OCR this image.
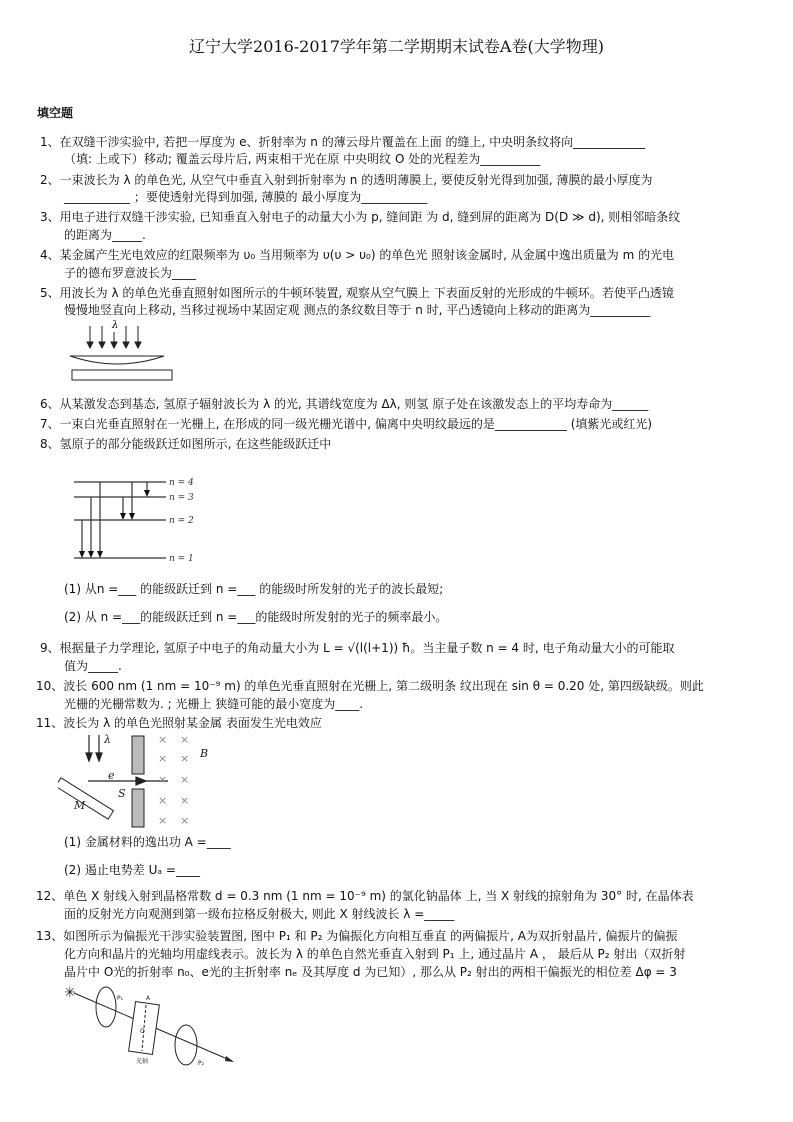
辽宁大学2016-2017学年第二学期期末试卷A卷(大学物理)
填空题
1、在双缝干涉实验中, 若把一厚度为 e、折射率为 n 的薄云母片覆盖在上面 的缝上, 中央明条纹将向____________
（填: 上或下）移动; 覆盖云母片后, 两束相干光在原 中央明纹 O 处的光程差为__________
2、一束波长为 λ 的单色光, 从空气中垂直入射到折射率为 n 的透明薄膜上, 要使反射光得到加强, 薄膜的最小厚度为
___________ ；要使透射光得到加强, 薄膜的 最小厚度为___________
3、用电子进行双缝干涉实验, 已知垂直入射电子的动量大小为 p, 缝间距 为 d, 缝到屏的距离为 D(D ≫ d), 则相邻暗条纹
的距离为_____.
4、某金属产生光电效应的红限频率为 υ₀ 当用频率为 υ(υ > υ₀) 的单色光 照射该金属时, 从金属中逸出质量为 m 的光电
子的德布罗意波长为____
5、用波长为 λ 的单色光垂直照射如图所示的牛顿环装置, 观察从空气膜上 下表面反射的光形成的牛顿环。若使平凸透镜
慢慢地竖直向上移动, 当移过视场中某固定观 测点的条纹数目等于 n 时, 平凸透镜向上移动的距离为__________
λ
6、从某激发态到基态, 氢原子辐射波长为 λ 的光, 其谱线宽度为 Δλ, 则氢 原子处在该激发态上的平均寿命为______
7、一束白光垂直照射在一光栅上, 在形成的同一级光栅光谱中, 偏离中央明纹最远的是____________ (填紫光或红光)
8、氢原子的部分能级跃迁如图所示, 在这些能级跃迁中
n = 4
n = 3
n = 2
n = 1
(1) 从n =___ 的能级跃迁到 n =___ 的能级时所发射的光子的波长最短;
(2) 从 n =___的能级跃迁到 n =___的能级时所发射的光子的频率最小。
9、根据量子力学理论, 氢原子中电子的角动量大小为 L = √(l(l+1)) ħ。当主量子数 n = 4 时, 电子角动量大小的可能取
值为_____.
10、波长 600 nm (1 nm = 10⁻⁹ m) 的单色光垂直照射在光栅上, 第二级明条 纹出现在 sin θ = 0.20 处, 第四级缺级。则此
光栅的光栅常数为. ; 光栅上 狭缝可能的最小宽度为____.
11、波长为 λ 的单色光照射某金属 表面发生光电效应
λ
e
S
M
B
× ×
× ×
× ×
× ×
× ×
(1) 金属材料的逸出功 A =____
(2) 遏止电势差 Uₐ =____
12、单色 X 射线入射到晶格常数 d = 0.3 nm (1 nm = 10⁻⁹ m) 的氯化钠晶体 上, 当 X 射线的掠射角为 30° 时, 在晶体表
面的反射光方向观测到第一级布拉格反射极大, 则此 X 射线波长 λ =_____
13、如图所示为偏振光干涉实验装置图, 图中 P₁ 和 P₂ 为偏振化方向相互垂直 的两偏振片, A为双折射晶片, 偏振片的偏振
化方向和晶片的光轴均用虚线表示。波长为 λ 的单色自然光垂直入射到 P₁ 上, 通过晶片 A ， 最后从 P₂ 射出（双折射
晶片中 O光的折射率 n₀、e光的主折射率 nₑ 及其厚度 d 为已知）, 那么从 P₂ 射出的两相干偏振光的相位差 Δφ = 3
✳	P₁	A
O
P₂
光轴
